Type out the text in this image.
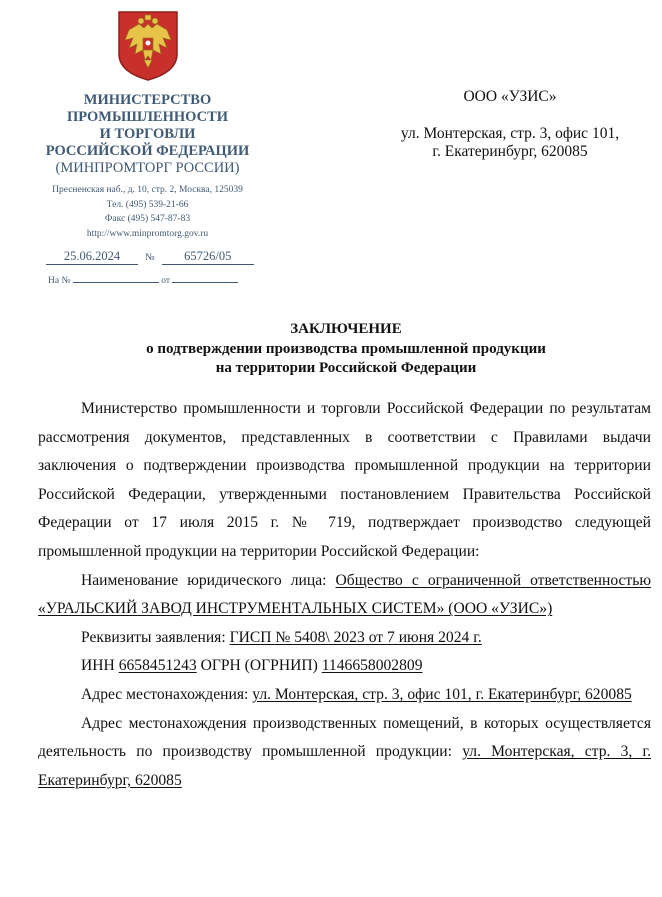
МИНИСТЕРСТВО
ПРОМЫШЛЕННОСТИ
И ТОРГОВЛИ
РОССИЙСКОЙ ФЕДЕРАЦИИ
(МИНПРОМТОРГ РОССИИ)
Пресненская наб., д. 10, стр. 2, Москва, 125039
Тел. (495) 539-21-66
Факс (495) 547-87-83
http://www.minpromtorg.gov.ru
25.06.2024	№ 65726/05
На №	от
ООО «УЗИС»
ул. Монтерская, стр. 3, офис 101,
г. Екатеринбург, 620085
ЗАКЛЮЧЕНИЕ
о подтверждении производства промышленной продукции
на территории Российской Федерации

Министерство промышленности и торговли Российской Федерации по результатам рассмотрения документов, представленных в соответствии с Правилами выдачи заключения о подтверждении производства промышленной продукции на территории Российской Федерации, утвержденными постановлением Правительства Российской Федерации от 17 июля 2015 г. № 719, подтверждает производство следующей промышленной продукции на территории Российской Федерации:

Наименование юридического лица: Общество с ограниченной ответственностью «УРАЛЬСКИЙ ЗАВОД ИНСТРУМЕНТАЛЬНЫХ СИСТЕМ» (ООО «УЗИС»)

Реквизиты заявления: ГИСП № 5408\ 2023 от 7 июня 2024 г.

ИНН 6658451243 ОГРН (ОГРНИП) 1146658002809

Адрес местонахождения: ул. Монтерская, стр. 3, офис 101, г. Екатеринбург, 620085

Адрес местонахождения производственных помещений, в которых осуществляется деятельность по производству промышленной продукции: ул. Монтерская, стр. 3, г. Екатеринбург, 620085
